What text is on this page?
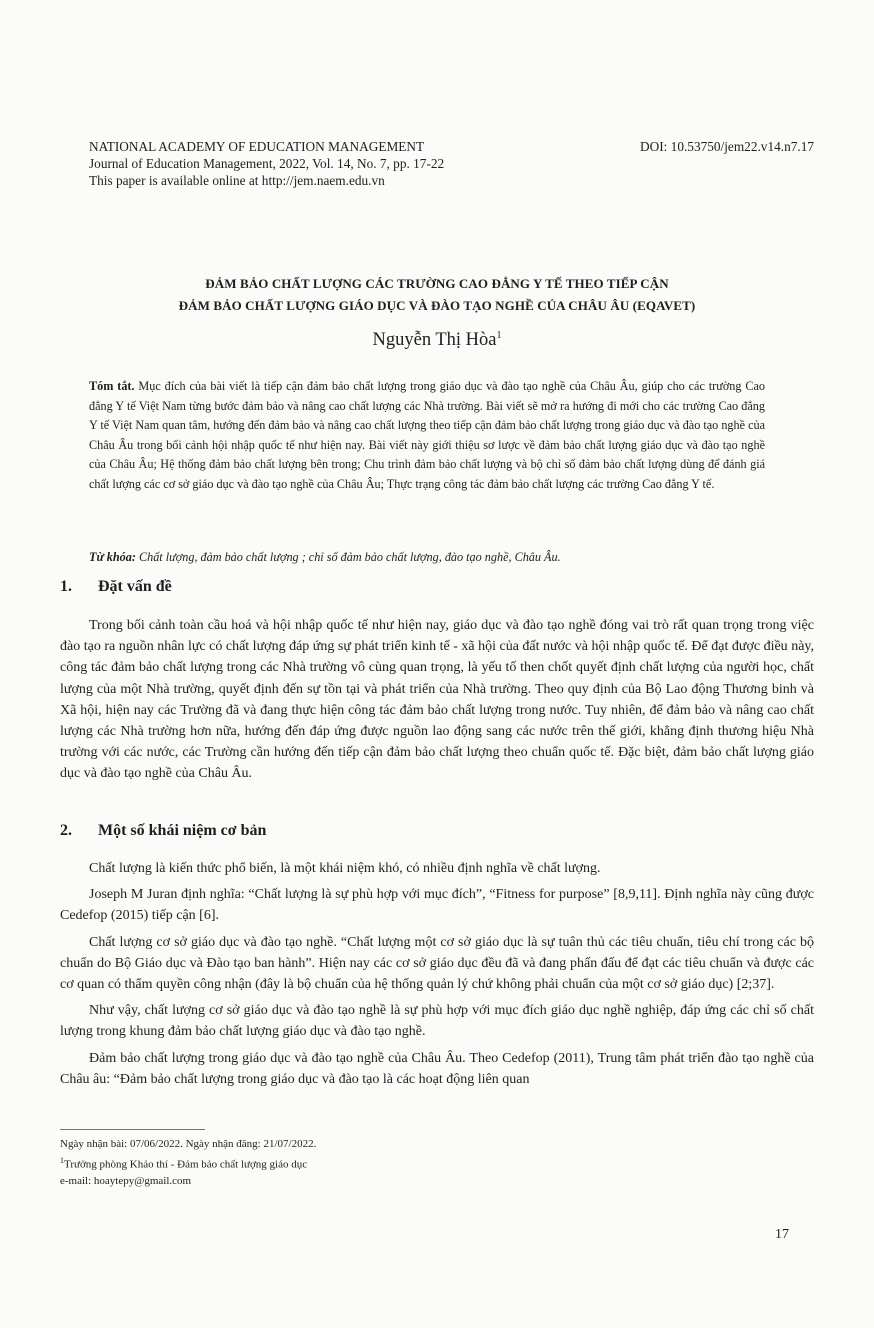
NATIONAL ACADEMY OF EDUCATION MANAGEMENT	DOI: 10.53750/jem22.v14.n7.17
Journal of Education Management, 2022, Vol. 14, No. 7, pp. 17-22
This paper is available online at http://jem.naem.edu.vn
ĐẢM BẢO CHẤT LƯỢNG CÁC TRƯỜNG CAO ĐẲNG Y TẾ THEO TIẾP CẬN
ĐẢM BẢO CHẤT LƯỢNG GIÁO DỤC VÀ ĐÀO TẠO NGHỀ CỦA CHÂU ÂU (EQAVET)
Nguyễn Thị Hòa$^1$
Tóm tắt. Mục đích của bài viết là tiếp cận đảm bảo chất lượng trong giáo dục và đào tạo nghề của Châu Âu, giúp cho các trường Cao đẳng Y tế Việt Nam từng bước đảm bảo và nâng cao chất lượng các Nhà trường. Bài viết sẽ mở ra hướng đi mới cho các trường Cao đẳng Y tế Việt Nam quan tâm, hướng đến đảm bảo và nâng cao chất lượng theo tiếp cận đảm bảo chất lượng trong giáo dục và đào tạo nghề của Châu Âu trong bối cảnh hội nhập quốc tế như hiện nay. Bài viết này giới thiệu sơ lược về đảm bảo chất lượng giáo dục và đào tạo nghề của Châu Âu; Hệ thống đảm bảo chất lượng bên trong; Chu trình đảm bảo chất lượng và bộ chỉ số đảm bảo chất lượng dùng để đánh giá chất lượng các cơ sở giáo dục và đào tạo nghề của Châu Âu; Thực trạng công tác đảm bảo chất lượng các trường Cao đẳng Y tế.
Từ khóa: Chất lượng, đảm bảo chất lượng ; chỉ số đảm bảo chất lượng, đào tạo nghề, Châu Âu.
1. Đặt vấn đề

Trong bối cảnh toàn cầu hoá và hội nhập quốc tế như hiện nay, giáo dục và đào tạo nghề đóng vai trò rất quan trọng trong việc đào tạo ra nguồn nhân lực có chất lượng đáp ứng sự phát triển kinh tế - xã hội của đất nước và hội nhập quốc tế. Để đạt được điều này, công tác đảm bảo chất lượng trong các Nhà trường vô cùng quan trọng, là yếu tố then chốt quyết định chất lượng của người học, chất lượng của một Nhà trường, quyết định đến sự tồn tại và phát triển của Nhà trường. Theo quy định của Bộ Lao động Thương binh và Xã hội, hiện nay các Trường đã và đang thực hiện công tác đảm bảo chất lượng trong nước. Tuy nhiên, để đảm bảo và nâng cao chất lượng các Nhà trường hơn nữa, hướng đến đáp ứng được nguồn lao động sang các nước trên thế giới, khẳng định thương hiệu Nhà trường với các nước, các Trường cần hướng đến tiếp cận đảm bảo chất lượng theo chuẩn quốc tế. Đặc biệt, đảm bảo chất lượng giáo dục và đào tạo nghề của Châu Âu.

2. Một số khái niệm cơ bản

Chất lượng là kiến thức phổ biến, là một khái niệm khó, có nhiều định nghĩa về chất lượng.

Joseph M Juran định nghĩa: “Chất lượng là sự phù hợp với mục đích”, “Fitness for purpose” [8,9,11]. Định nghĩa này cũng được Cedefop (2015) tiếp cận [6].

Chất lượng cơ sở giáo dục và đào tạo nghề. “Chất lượng một cơ sở giáo dục là sự tuân thủ các tiêu chuẩn, tiêu chí trong các bộ chuẩn do Bộ Giáo dục và Đào tạo ban hành”. Hiện nay các cơ sở giáo dục đều đã và đang phấn đấu để đạt các tiêu chuẩn và được các cơ quan có thẩm quyền công nhận (đây là bộ chuẩn của hệ thống quản lý chứ không phải chuẩn của một cơ sở giáo dục) [2;37].

Như vậy, chất lượng cơ sở giáo dục và đào tạo nghề là sự phù hợp với mục đích giáo dục nghề nghiệp, đáp ứng các chỉ số chất lượng trong khung đảm bảo chất lượng giáo dục và đào tạo nghề.

Đảm bảo chất lượng trong giáo dục và đào tạo nghề của Châu Âu. Theo Cedefop (2011), Trung tâm phát triển đào tạo nghề của Châu âu: “Đảm bảo chất lượng trong giáo dục và đào tạo là các hoạt động liên quan

Ngày nhận bài: 07/06/2022. Ngày nhận đăng: 21/07/2022.
$^1$Trưởng phòng Khảo thí - Đảm bảo chất lượng giáo dục
e-mail: hoaytepy@gmail.com
17
